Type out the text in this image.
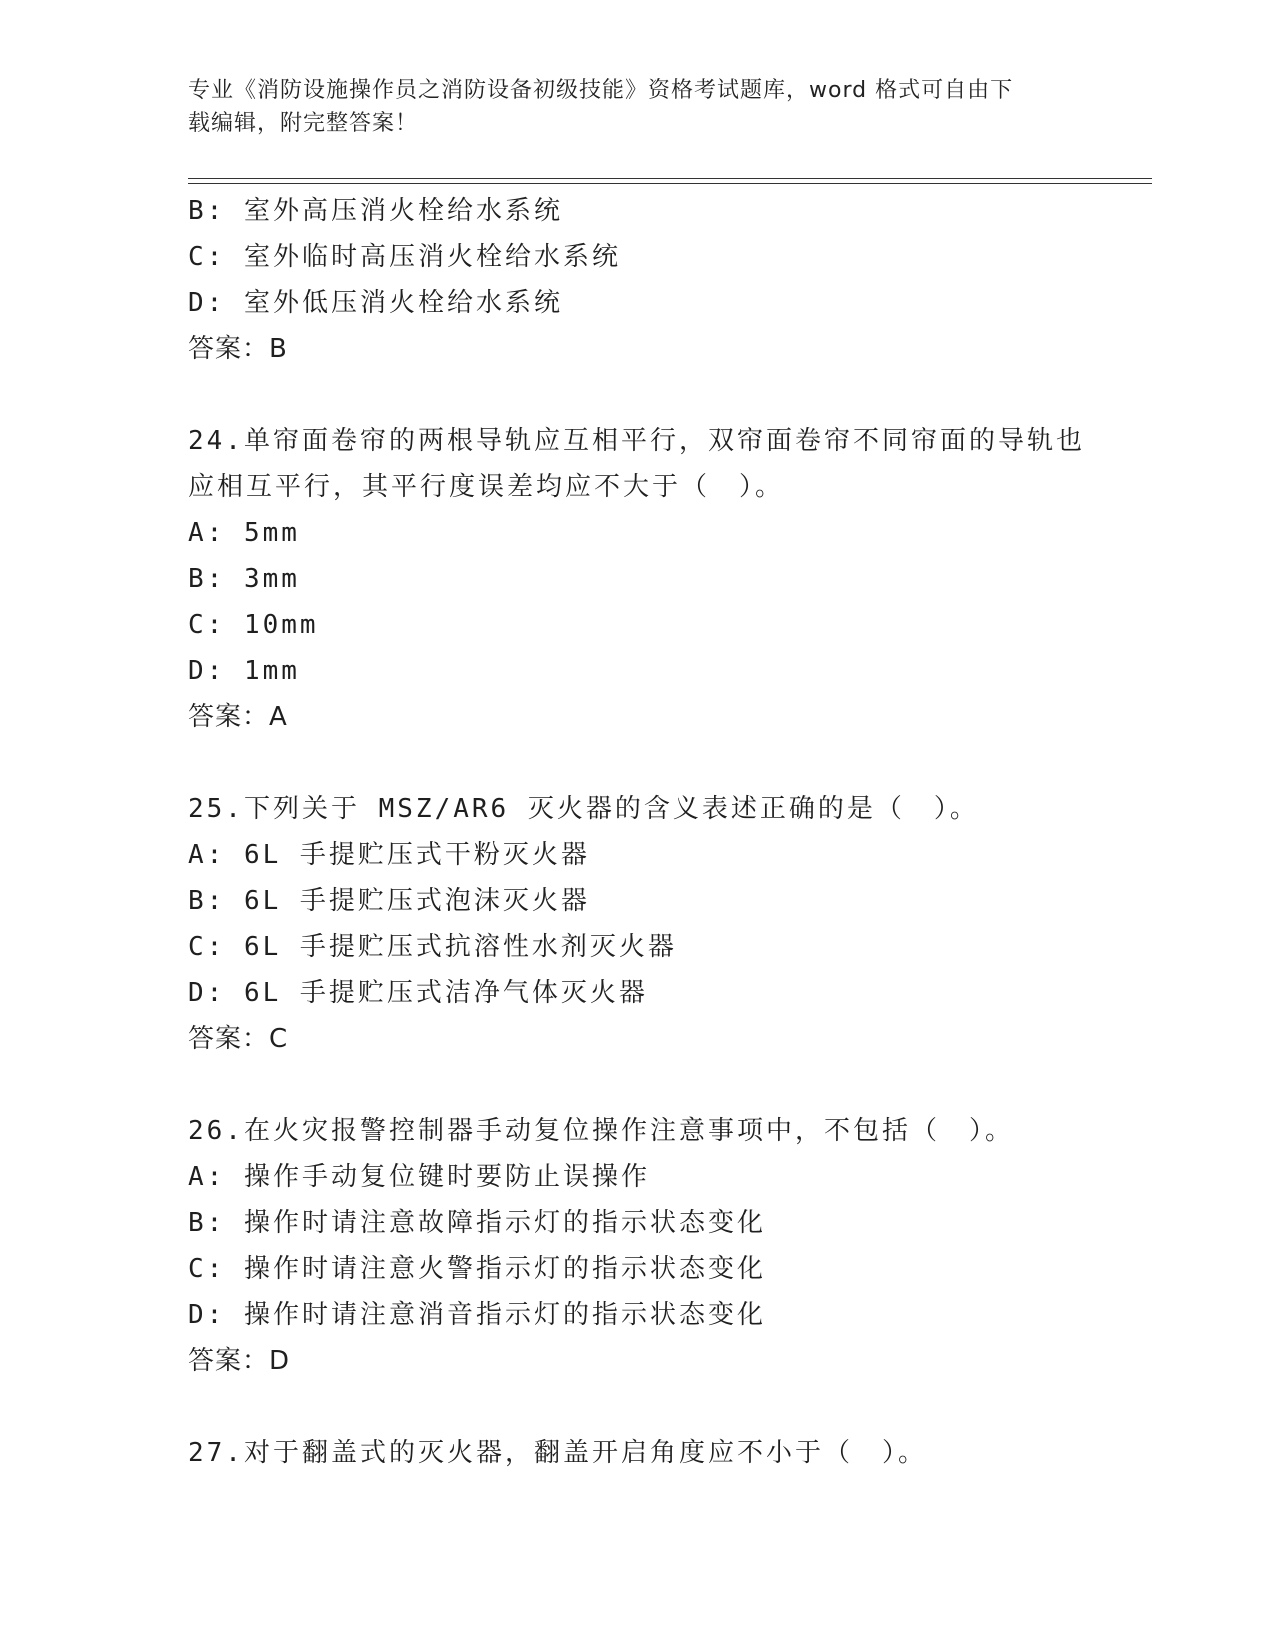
专业《消防设施操作员之消防设备初级技能》资格考试题库，word 格式可自由下
载编辑，附完整答案！
B: 室外高压消火栓给水系统
C: 室外临时高压消火栓给水系统
D: 室外低压消火栓给水系统
答案：B
24.单帘面卷帘的两根导轨应互相平行，双帘面卷帘不同帘面的导轨也
应相互平行，其平行度误差均应不大于（　）。
A: 5mm
B: 3mm
C: 10mm
D: 1mm
答案：A
25.下列关于 MSZ/AR6 灭火器的含义表述正确的是（　）。
A: 6L 手提贮压式干粉灭火器
B: 6L 手提贮压式泡沫灭火器
C: 6L 手提贮压式抗溶性水剂灭火器
D: 6L 手提贮压式洁净气体灭火器
答案：C
26.在火灾报警控制器手动复位操作注意事项中，不包括（　）。
A: 操作手动复位键时要防止误操作
B: 操作时请注意故障指示灯的指示状态变化
C: 操作时请注意火警指示灯的指示状态变化
D: 操作时请注意消音指示灯的指示状态变化
答案：D
27.对于翻盖式的灭火器，翻盖开启角度应不小于（　）。
